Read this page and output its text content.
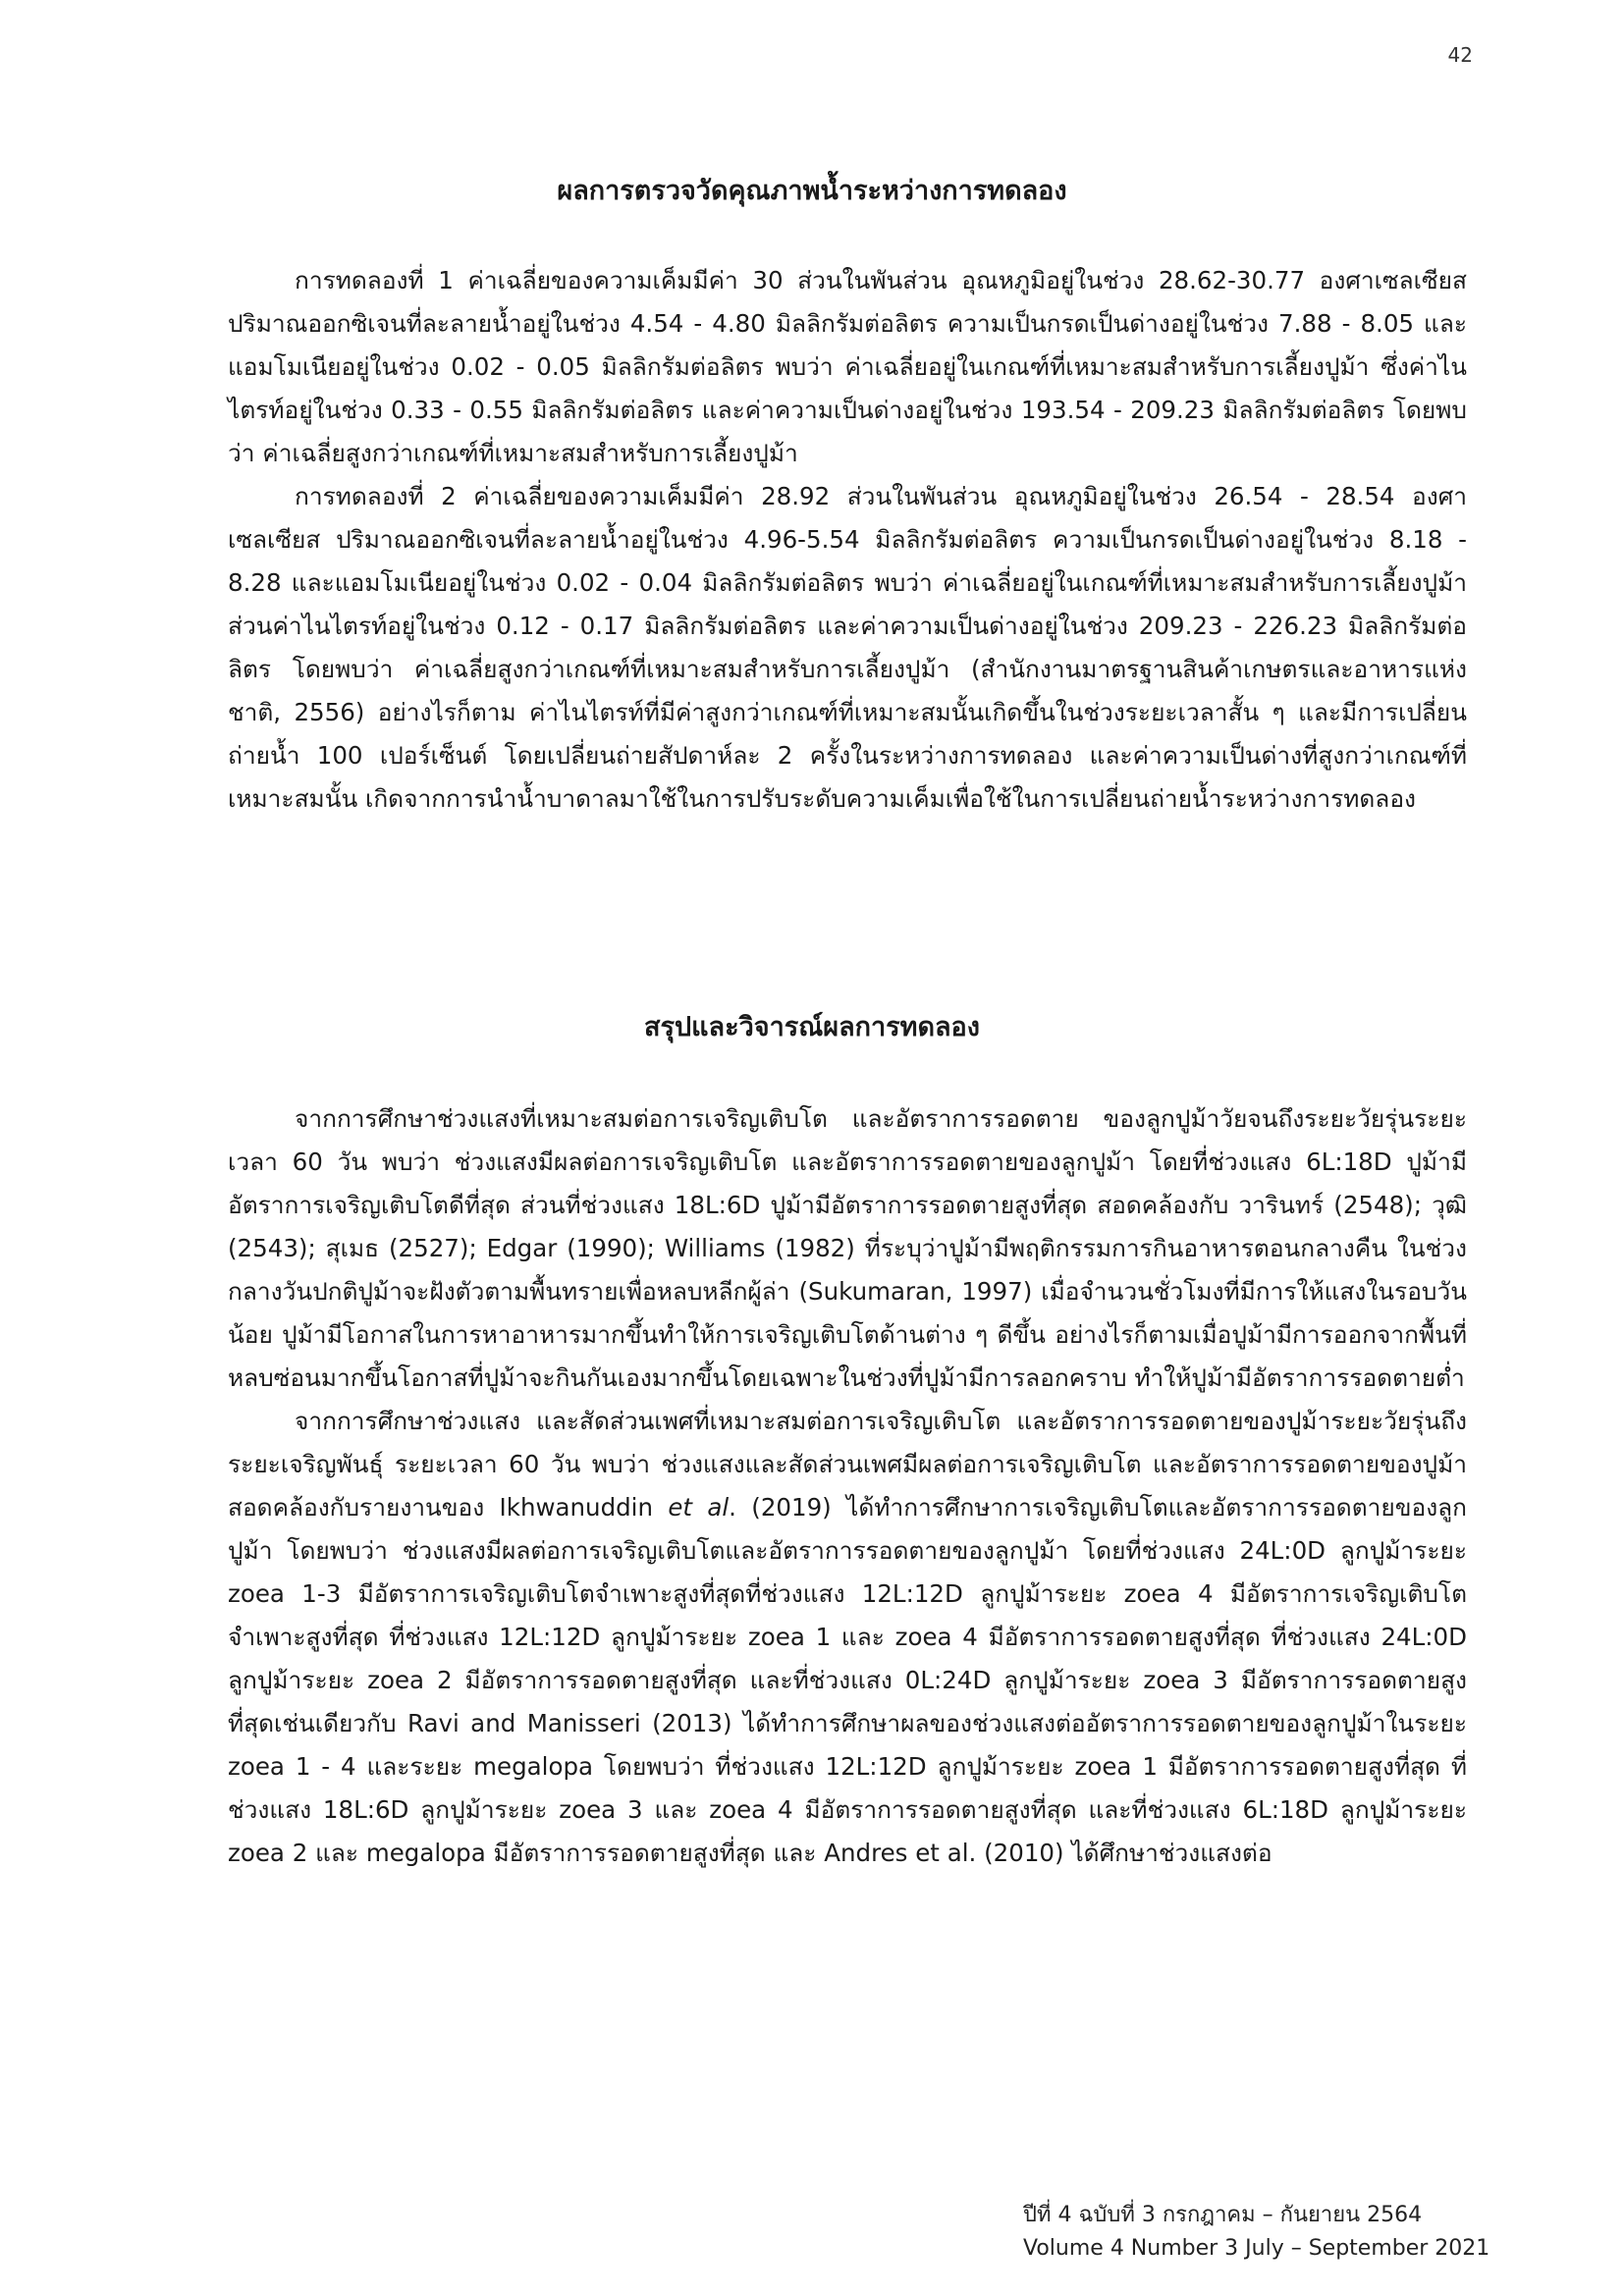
42
ผลการตรวจวัดคุณภาพน้ำระหว่างการทดลอง

การทดลองที่ 1 ค่าเฉลี่ยของความเค็มมีค่า 30 ส่วนในพันส่วน อุณหภูมิอยู่ในช่วง 28.62-30.77 องศาเซลเซียส ปริมาณออกซิเจนที่ละลายน้ำอยู่ในช่วง 4.54 - 4.80 มิลลิกรัมต่อลิตร ความเป็นกรดเป็นด่างอยู่ในช่วง 7.88 - 8.05 และแอมโมเนียอยู่ในช่วง 0.02 - 0.05 มิลลิกรัมต่อลิตร พบว่า ค่าเฉลี่ยอยู่ในเกณฑ์ที่เหมาะสมสำหรับการเลี้ยงปูม้า ซึ่งค่าไนไตรท์อยู่ในช่วง 0.33 - 0.55 มิลลิกรัมต่อลิตร และค่าความเป็นด่างอยู่ในช่วง 193.54 - 209.23 มิลลิกรัมต่อลิตร โดยพบว่า ค่าเฉลี่ยสูงกว่าเกณฑ์ที่เหมาะสมสำหรับการเลี้ยงปูม้า

การทดลองที่ 2 ค่าเฉลี่ยของความเค็มมีค่า 28.92 ส่วนในพันส่วน อุณหภูมิอยู่ในช่วง 26.54 - 28.54 องศาเซลเซียส ปริมาณออกซิเจนที่ละลายน้ำอยู่ในช่วง 4.96-5.54 มิลลิกรัมต่อลิตร ความเป็นกรดเป็นด่างอยู่ในช่วง 8.18 - 8.28 และแอมโมเนียอยู่ในช่วง 0.02 - 0.04 มิลลิกรัมต่อลิตร พบว่า ค่าเฉลี่ยอยู่ในเกณฑ์ที่เหมาะสมสำหรับการเลี้ยงปูม้า ส่วนค่าไนไตรท์อยู่ในช่วง 0.12 - 0.17 มิลลิกรัมต่อลิตร และค่าความเป็นด่างอยู่ในช่วง 209.23 - 226.23 มิลลิกรัมต่อลิตร โดยพบว่า ค่าเฉลี่ยสูงกว่าเกณฑ์ที่เหมาะสมสำหรับการเลี้ยงปูม้า (สำนักงานมาตรฐานสินค้าเกษตรและอาหารแห่งชาติ, 2556) อย่างไรก็ตาม ค่าไนไตรท์ที่มีค่าสูงกว่าเกณฑ์ที่เหมาะสมนั้นเกิดขึ้นในช่วงระยะเวลาสั้น ๆ และมีการเปลี่ยนถ่ายน้ำ 100 เปอร์เซ็นต์ โดยเปลี่ยนถ่ายสัปดาห์ละ 2 ครั้งในระหว่างการทดลอง และค่าความเป็นด่างที่สูงกว่าเกณฑ์ที่เหมาะสมนั้น เกิดจากการนำน้ำบาดาลมาใช้ในการปรับระดับความเค็มเพื่อใช้ในการเปลี่ยนถ่ายน้ำระหว่างการทดลอง

สรุปและวิจารณ์ผลการทดลอง

จากการศึกษาช่วงแสงที่เหมาะสมต่อการเจริญเติบโต และอัตราการรอดตาย ของลูกปูม้าวัยจนถึงระยะวัยรุ่นระยะเวลา 60 วัน พบว่า ช่วงแสงมีผลต่อการเจริญเติบโต และอัตราการรอดตายของลูกปูม้า โดยที่ช่วงแสง 6L:18D ปูม้ามีอัตราการเจริญเติบโตดีที่สุด ส่วนที่ช่วงแสง 18L:6D ปูม้ามีอัตราการรอดตายสูงที่สุด สอดคล้องกับ วารินทร์ (2548); วุฒิ (2543); สุเมธ (2527); Edgar (1990); Williams (1982) ที่ระบุว่าปูม้ามีพฤติกรรมการกินอาหารตอนกลางคืน ในช่วงกลางวันปกติปูม้าจะฝังตัวตามพื้นทรายเพื่อหลบหลีกผู้ล่า (Sukumaran, 1997) เมื่อจำนวนชั่วโมงที่มีการให้แสงในรอบวันน้อย ปูม้ามีโอกาสในการหาอาหารมากขึ้นทำให้การเจริญเติบโตด้านต่าง ๆ ดีขึ้น อย่างไรก็ตามเมื่อปูม้ามีการออกจากพื้นที่หลบซ่อนมากขึ้นโอกาสที่ปูม้าจะกินกันเองมากขึ้นโดยเฉพาะในช่วงที่ปูม้ามีการลอกคราบ ทำให้ปูม้ามีอัตราการรอดตายต่ำ

จากการศึกษาช่วงแสง และสัดส่วนเพศที่เหมาะสมต่อการเจริญเติบโต และอัตราการรอดตายของปูม้าระยะวัยรุ่นถึงระยะเจริญพันธุ์ ระยะเวลา 60 วัน พบว่า ช่วงแสงและสัดส่วนเพศมีผลต่อการเจริญเติบโต และอัตราการรอดตายของปูม้า สอดคล้องกับรายงานของ Ikhwanuddin et al. (2019) ได้ทำการศึกษาการเจริญเติบโตและอัตราการรอดตายของลูกปูม้า โดยพบว่า ช่วงแสงมีผลต่อการเจริญเติบโตและอัตราการรอดตายของลูกปูม้า โดยที่ช่วงแสง 24L:0D ลูกปูม้าระยะ zoea 1-3 มีอัตราการเจริญเติบโตจำเพาะสูงที่สุดที่ช่วงแสง 12L:12D ลูกปูม้าระยะ zoea 4 มีอัตราการเจริญเติบโตจำเพาะสูงที่สุด ที่ช่วงแสง 12L:12D ลูกปูม้าระยะ zoea 1 และ zoea 4 มีอัตราการรอดตายสูงที่สุด ที่ช่วงแสง 24L:0D ลูกปูม้าระยะ zoea 2 มีอัตราการรอดตายสูงที่สุด และที่ช่วงแสง 0L:24D ลูกปูม้าระยะ zoea 3 มีอัตราการรอดตายสูงที่สุดเช่นเดียวกับ Ravi and Manisseri (2013) ได้ทำการศึกษาผลของช่วงแสงต่ออัตราการรอดตายของลูกปูม้าในระยะ zoea 1 - 4 และระยะ megalopa โดยพบว่า ที่ช่วงแสง 12L:12D ลูกปูม้าระยะ zoea 1 มีอัตราการรอดตายสูงที่สุด ที่ช่วงแสง 18L:6D ลูกปูม้าระยะ zoea 3 และ zoea 4 มีอัตราการรอดตายสูงที่สุด และที่ช่วงแสง 6L:18D ลูกปูม้าระยะ zoea 2 และ megalopa มีอัตราการรอดตายสูงที่สุด และ Andres et al. (2010) ได้ศึกษาช่วงแสงต่อ

ปีที่ 4 ฉบับที่ 3 กรกฎาคม – กันยายน 2564
Volume 4 Number 3 July – September 2021
